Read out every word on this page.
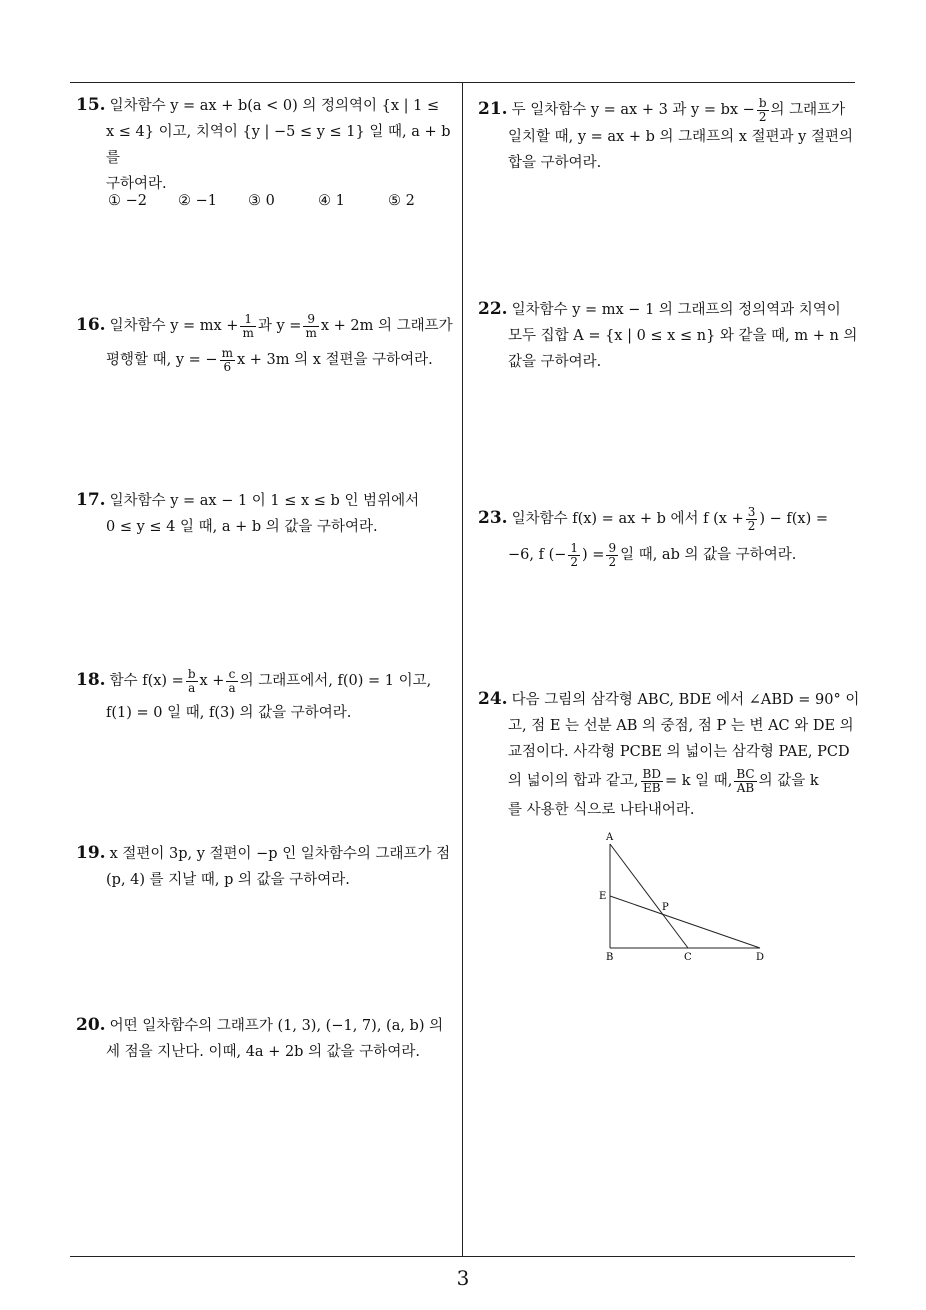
3
15. 일차함수 y = ax + b(a < 0) 의 정의역이 {x | 1 ≤
x ≤ 4} 이고, 치역이 {y | −5 ≤ y ≤ 1} 일 때, a + b 를
구하여라.
① −2 ② −1 ③ 0	④ 1	⑤ 2
16. 일차함수 y = mx + $\frac{1}{m}$ 과 $y = \frac{9}{m}$ x + 2m 의 그래프가
평행할 때, y = − $\frac{m}{6}$ x + 3m 의 x 절편을 구하여라.
17. 일차함수 y = ax − 1 이 1 ≤ x ≤ b 인 범위에서
0 ≤ y ≤ 4 일 때, a + b 의 값을 구하여라.
18. 함수 $f(x) = \frac{b}{a}$ $x + \frac{c}{a}$ 의 그래프에서, f(0) = 1 이고,
f(1) = 0 일 때, f(3) 의 값을 구하여라.
19. x 절편이 3p, y 절편이 −p 인 일차함수의 그래프가 점
(p, 4) 를 지날 때, p 의 값을 구하여라.
20. 어떤 일차함수의 그래프가 (1, 3), (−1, 7), (a, b) 의
세 점을 지난다. 이때, 4a + 2b 의 값을 구하여라.
21. 두 일차함수 y = ax + 3 과 y = bx − $\frac{b}{2}$ 의 그래프가
일치할 때, y = ax + b 의 그래프의 x 절편과 y 절편의
합을 구하여라.
22. 일차함수 y = mx − 1 의 그래프의 정의역과 치역이
모두 집합 A = {x | 0 ≤ x ≤ n} 와 같을 때, m + n 의
값을 구하여라.
23. 일차함수 f(x) = ax + b 에서 f ($x + \frac{3}{2}$ ) − f(x) =
−6, f (− $\frac{1}{2}$ ) = $\frac{9}{2}$ 일 때, ab 의 값을 구하여라.
24. 다음 그림의 삼각형 ABC, BDE 에서 ∠ABD = 90° 이
고, 점 E 는 선분 AB 의 중점, 점 P 는 변 AC 와 DE 의
교점이다. 사각형 PCBE 의 넓이는 삼각형 PAE, PCD
의 넓이의 합과 같고, $\frac{BD}{EB} = k$ 일 때, $\frac{BC}{AB}$ 의 값을 k
를 사용한 식으로 나타내어라.
A
E
P
B	C	D
